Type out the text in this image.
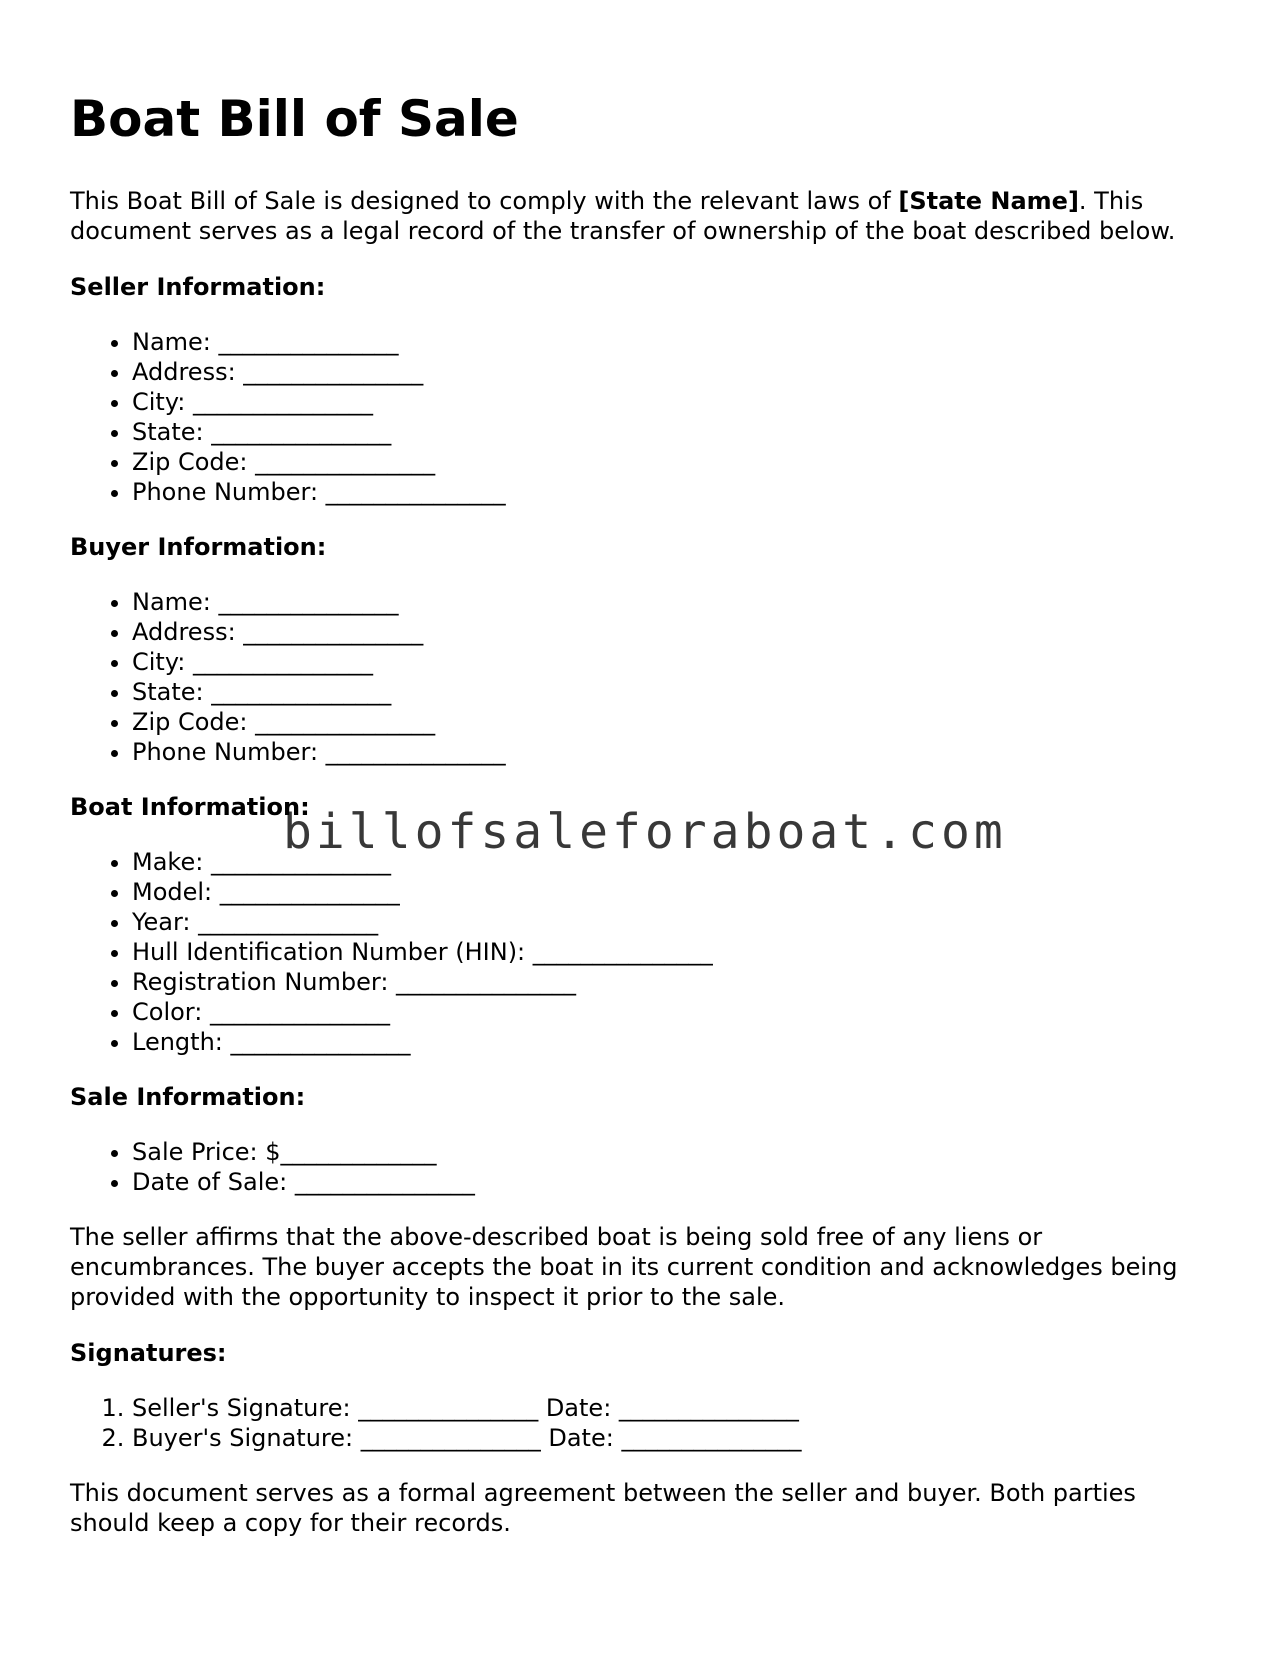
Boat Bill of Sale

This Boat Bill of Sale is designed to comply with the relevant laws of [State Name]. This document serves as a legal record of the transfer of ownership of the boat described below.

Seller Information:
• Name: _______________
• Address: _______________
• City: _______________
• State: _______________
• Zip Code: _______________
• Phone Number: _______________
Buyer Information:
• Name: _______________
• Address: _______________
• City: _______________
• State: _______________
• Zip Code: _______________
• Phone Number: _______________
Boat Information:
• Make: _______________
• Model: _______________
• Year: _______________
• Hull Identification Number (HIN): _______________
• Registration Number: _______________
• Color: _______________
• Length: _______________
Sale Information:
• Sale Price: $_____________
• Date of Sale: _______________

The seller affirms that the above-described boat is being sold free of any liens or encumbrances. The buyer accepts the boat in its current condition and acknowledges being provided with the opportunity to inspect it prior to the sale.

Signatures:
1. Seller's Signature: _______________ Date: _______________
2. Buyer's Signature: _______________ Date: _______________

This document serves as a formal agreement between the seller and buyer. Both parties should keep a copy for their records.

billofsaleforaboat.com
